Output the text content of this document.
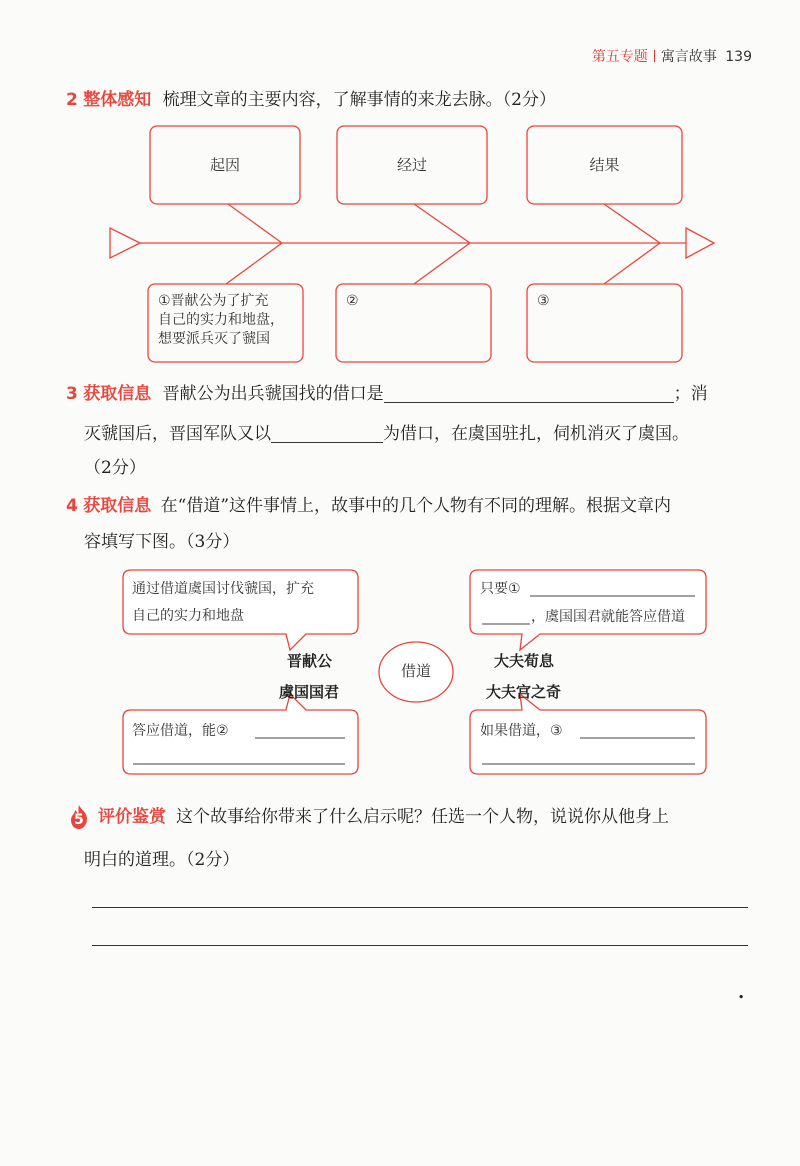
第五专题 寓言故事 139
2 整体感知 梳理文章的主要内容，了解事情的来龙去脉。（2分）
起因	经过	结果
①晋献公为了扩充
自己的实力和地盘，
想要派兵灭了虢国
②	③
3 获取信息 晋献公为出兵虢国找的借口是	；消
灭虢国后，晋国军队又以	为借口，在虞国驻扎，伺机消灭了虞国。
（2分）
4 获取信息 在“借道”这件事情上，故事中的几个人物有不同的理解。根据文章内
容填写下图。（3分）
通过借道虞国讨伐虢国，扩充
自己的实力和地盘
只要①
，虞国国君就能答应借道
答应借道，能②	如果借道，③
借道
晋献公
虞国国君
大夫荀息
大夫宫之奇
5 评价鉴赏 这个故事给你带来了什么启示呢？任选一个人物，说说你从他身上
明白的道理。（2分）
.
